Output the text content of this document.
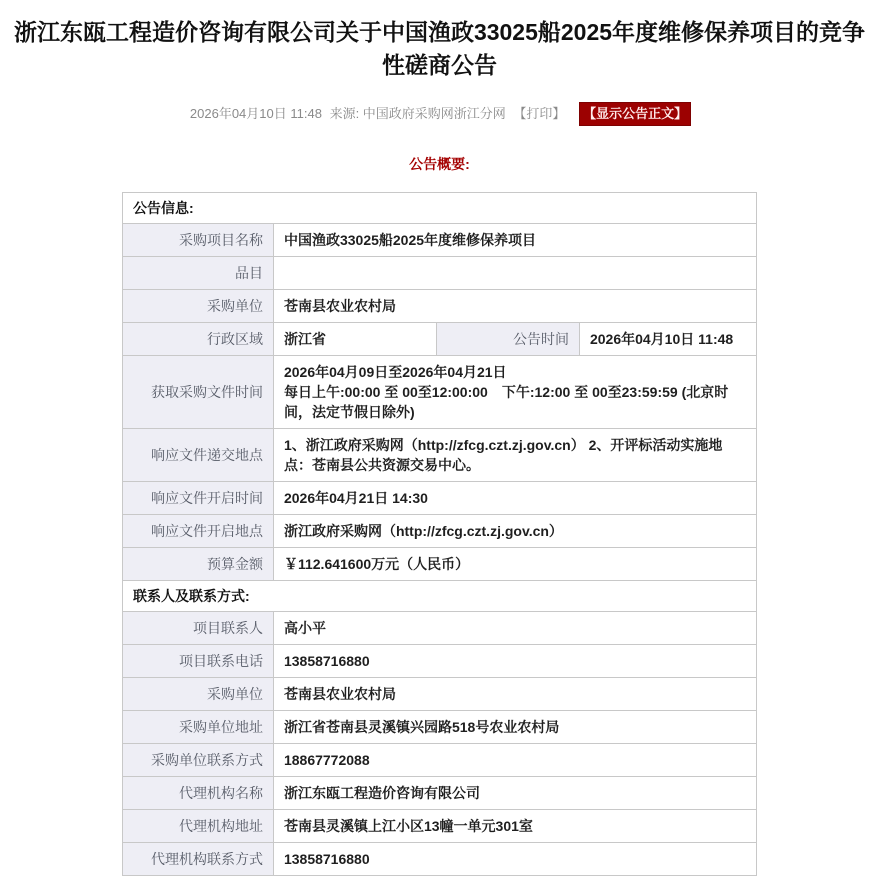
浙江东瓯工程造价咨询有限公司关于中国渔政33025船2025年度维修保养项目的竞争性磋商公告
2026年04月10日 11:48 来源: 中国政府采购网浙江分网 【打印】 【显示公告正文】
公告概要:
公告信息:			
采购项目名称	中国渔政33025船2025年度维修保养项目		
品目			
采购单位	苍南县农业农村局		
行政区域	浙江省	公告时间	2026年04月10日 11:48
获取采购文件时间	2026年04月09日至2026年04月21日
每日上午:00:00 至 00至12:00:00　下午:12:00 至 00至23:59:59 (北京时间，法定节假日除外)		

响应文件递交地点	1、浙江政府采购网（http://zfcg.czt.zj.gov.cn） 2、开评标活动实施地点：苍南县公共资源交易中心。		
响应文件开启时间	2026年04月21日 14:30		
响应文件开启地点	浙江政府采购网（http://zfcg.czt.zj.gov.cn）		
预算金额	￥112.641600万元（人民币）		
联系人及联系方式:			
项目联系人	高小平		
项目联系电话	13858716880		
采购单位	苍南县农业农村局		
采购单位地址	浙江省苍南县灵溪镇兴园路518号农业农村局		
采购单位联系方式	18867772088		
代理机构名称	浙江东瓯工程造价咨询有限公司		
代理机构地址	苍南县灵溪镇上江小区13幢一单元301室		
代理机构联系方式	13858716880		
